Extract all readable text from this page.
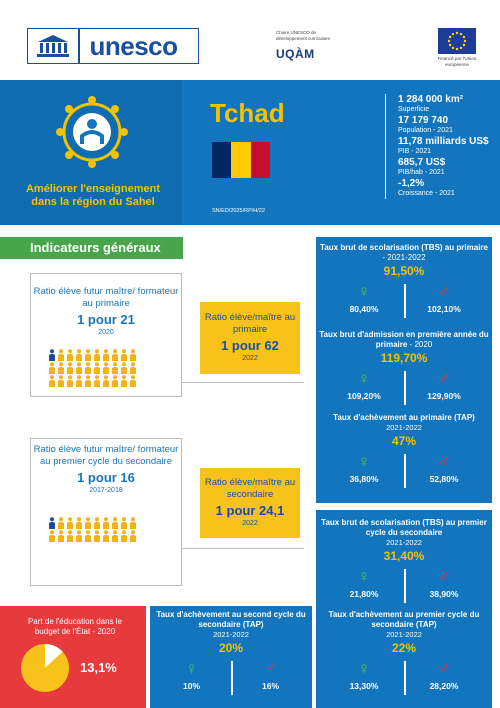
unesco	Chaire UNESCO de développement curriculaire
UQÀM	Financé par l'Union européenne
Améliorer l'enseignement dans la région du Sahel
Tchad
SN/ED/2025/RP/H/22
1 284 000 km²
Superficie
17 179 740
Population - 2021
11,78 milliards US$
PIB - 2021
685,7 US$
PIB/hab - 2021
-1,2%
Croissance - 2021
Indicateurs généraux
Ratio élève futur maître/ formateur au primaire
1 pour 21
2020
Ratio élève/maître au primaire
1 pour 62
2022
Ratio élève futur maître/ formateur au premier cycle du secondaire
1 pour 16
2017-2018
Ratio élève/maître au secondaire
1 pour 24,1
2022
Taux brut de scolarisation (TBS) au primaire - 2021-2022
91,50%
♀
80,40%
♂
102,10%
Taux brut d'admission en première année du primaire - 2020
119,70%
♀
109,20%
♂
129,90%
Taux d'achèvement au primaire (TAP)
2021-2022
47%
♀
36,80%
♂
52,80%
Taux brut de scolarisation (TBS) au premier cycle du secondaire
2021-2022
31,40%
♀
21,80%
♂
38,90%
Taux d'achèvement au premier cycle du secondaire (TAP)
2021-2022
22%
♀
13,30%
♂
28,20%
Taux d'achèvement au second cycle du secondaire (TAP)
2021-2022
20%
♀
10%
♂
16%
Part de l'éducation dans le budget de l'État - 2020
13,1%
